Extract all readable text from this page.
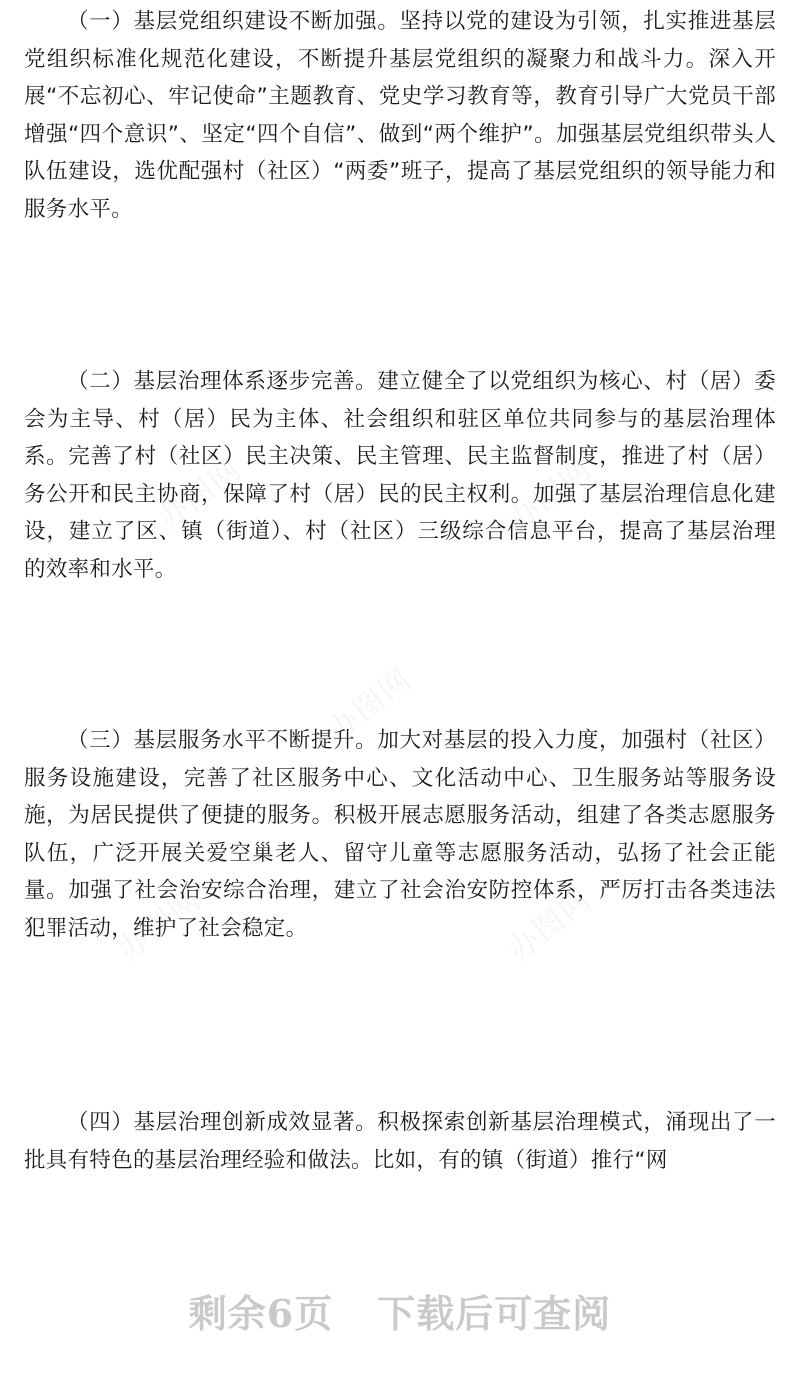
（一）基层党组织建设不断加强。坚持以党的建设为引领，扎实推进基层党组织标准化规范化建设，不断提升基层党组织的凝聚力和战斗力。深入开展“不忘初心、牢记使命”主题教育、党史学习教育等，教育引导广大党员干部增强“四个意识”、坚定“四个自信”、做到“两个维护”。加强基层党组织带头人队伍建设，选优配强村（社区）“两委”班子，提高了基层党组织的领导能力和服务水平。

（二）基层治理体系逐步完善。建立健全了以党组织为核心、村（居）委会为主导、村（居）民为主体、社会组织和驻区单位共同参与的基层治理体系。完善了村（社区）民主决策、民主管理、民主监督制度，推进了村（居）务公开和民主协商，保障了村（居）民的民主权利。加强了基层治理信息化建设，建立了区、镇（街道）、村（社区）三级综合信息平台，提高了基层治理的效率和水平。

（三）基层服务水平不断提升。加大对基层的投入力度，加强村（社区）服务设施建设，完善了社区服务中心、文化活动中心、卫生服务站等服务设施，为居民提供了便捷的服务。积极开展志愿服务活动，组建了各类志愿服务队伍，广泛开展关爱空巢老人、留守儿童等志愿服务活动，弘扬了社会正能量。加强了社会治安综合治理，建立了社会治安防控体系，严厉打击各类违法犯罪活动，维护了社会稳定。

（四）基层治理创新成效显著。积极探索创新基层治理模式，涌现出了一批具有特色的基层治理经验和做法。比如，有的镇（街道）推行“网

剩余6页 下载后可查阅
